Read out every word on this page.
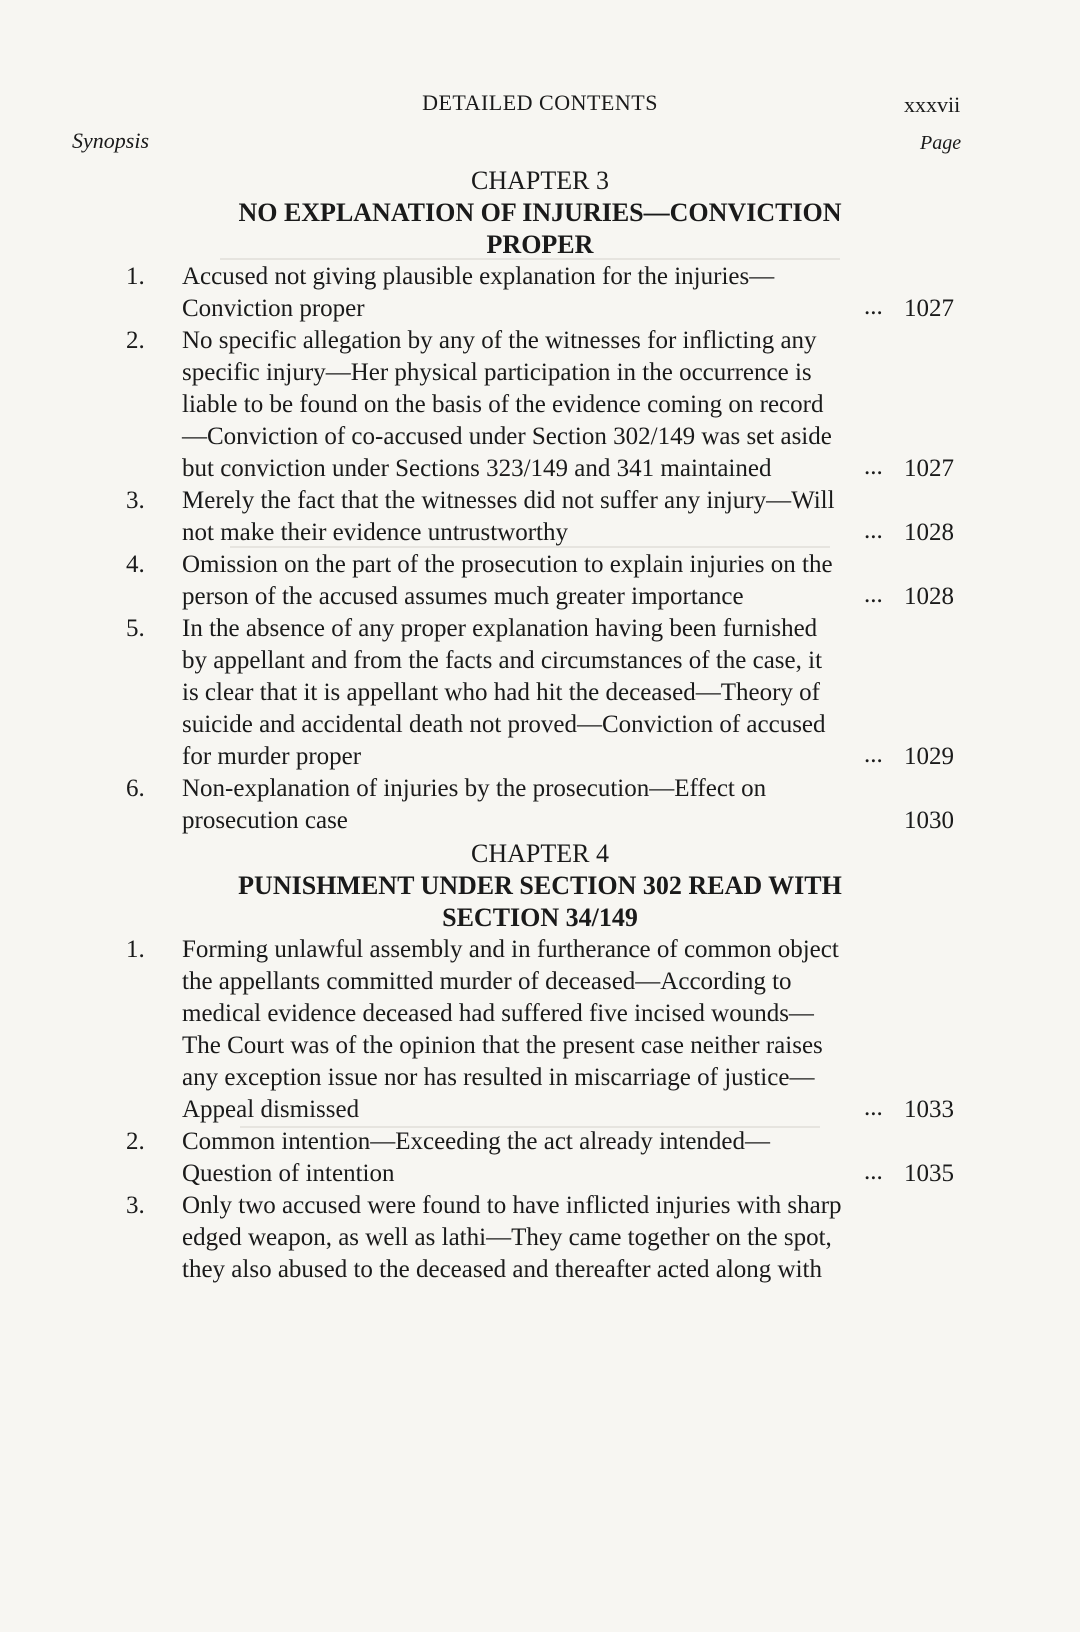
DETAILED CONTENTS	xxxvii
Synopsis	Page
CHAPTER 3
NO EXPLANATION OF INJURIES—CONVICTION PROPER
1. Accused not giving plausible explanation for the injuries—Conviction proper	... 1027
2. No specific allegation by any of the witnesses for inflicting any specific injury—Her physical participation in the occurrence is liable to be found on the basis of the evidence coming on record—Conviction of co-accused under Section 302/149 was set aside but conviction under Sections 323/149 and 341 maintained	... 1027
3. Merely the fact that the witnesses did not suffer any injury—Will not make their evidence untrustworthy	... 1028
4. Omission on the part of the prosecution to explain injuries on the person of the accused assumes much greater importance	... 1028
5. In the absence of any proper explanation having been furnished by appellant and from the facts and circumstances of the case, it is clear that it is appellant who had hit the deceased—Theory of suicide and accidental death not proved—Conviction of accused for murder proper	... 1029
6. Non-explanation of injuries by the prosecution—Effect on prosecution case	1030
CHAPTER 4
PUNISHMENT UNDER SECTION 302 READ WITH SECTION 34/149
1. Forming unlawful assembly and in furtherance of common object the appellants committed murder of deceased—According to medical evidence deceased had suffered five incised wounds—The Court was of the opinion that the present case neither raises any exception issue nor has resulted in miscarriage of justice—Appeal dismissed	... 1033
2. Common intention—Exceeding the act already intended—Question of intention	... 1035
3. Only two accused were found to have inflicted injuries with sharp edged weapon, as well as lathi—They came together on the spot, they also abused to the deceased and thereafter acted along with
